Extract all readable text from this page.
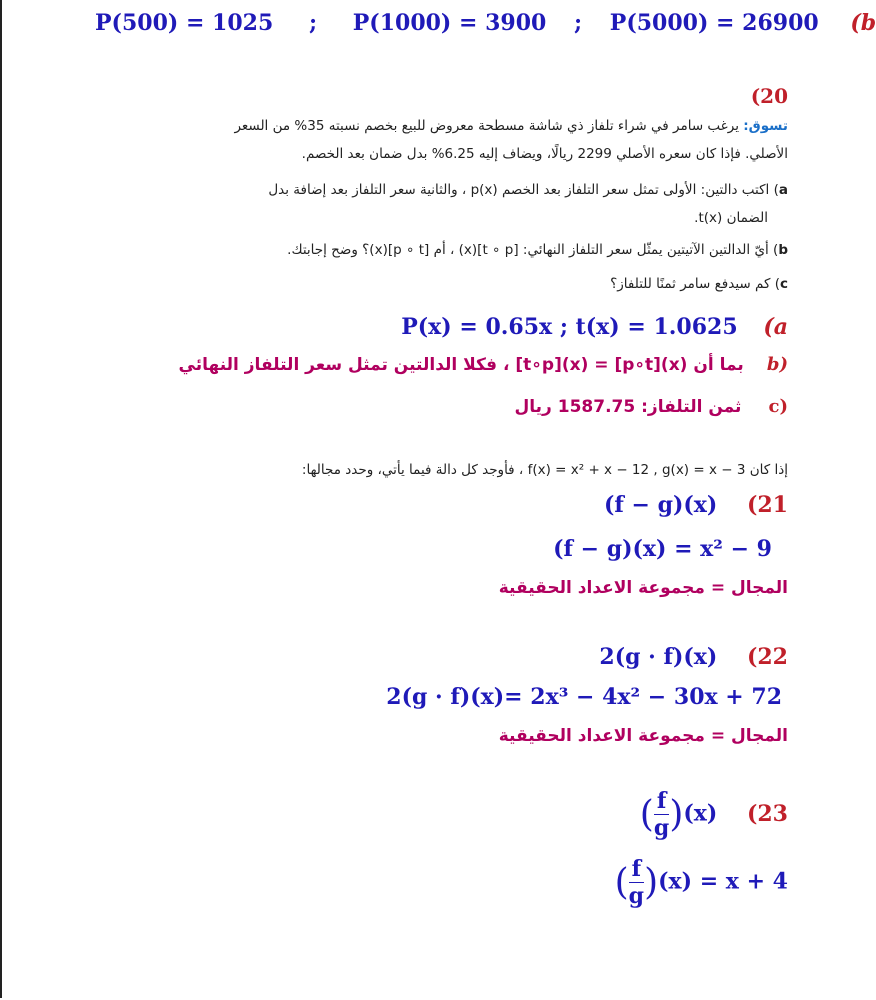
P(500) = 1025 ; P(1000) = 3900 ; P(5000) = 26900 (b
(20
تسوق: يرغب سامر في شراء تلفاز ذي شاشة مسطحة معروض للبيع بخصم نسبته 35% من السعر
الأصلي. فإذا كان سعره الأصلي 2299 ريالًا، ويضاف إليه 6.25% بدل ضمان بعد الخصم.
a) اكتب دالتين: الأولى تمثل سعر التلفاز بعد الخصم p(x) ، والثانية سعر التلفاز بعد إضافة بدل
الضمان t(x).
b) أيّ الدالتين الآتيتين يمثّل سعر التلفاز النهائي: [t ∘ p](x) ، أم [p ∘ t](x)؟ وضح إجابتك.
c) كم سيدفع سامر ثمنًا للتلفاز؟
P(x) = 0.65x ; t(x) = 1.0625 (a
(b بما أن (x)[p∘t] = (x)[t∘p] ، فكلا الدالتين تمثل سعر التلفاز النهائي
(c ثمن التلفاز: 1587.75 ريال
إذا كان f(x) = x² + x − 12 , g(x) = x − 3 ، فأوجد كل دالة فيما يأتي، وحدد مجالها:
(f − g)(x) (21
(f − g)(x) = x² − 9
المجال = مجموعة الاعداد الحقيقية
2(g · f)(x) (22
2(g · f)(x)= 2x³ − 4x² − 30x + 72
المجال = مجموعة الاعداد الحقيقية
( $\frac{f}{g} )(x)$ (23
( $\frac{f}{g} )(x) = x + 4$
